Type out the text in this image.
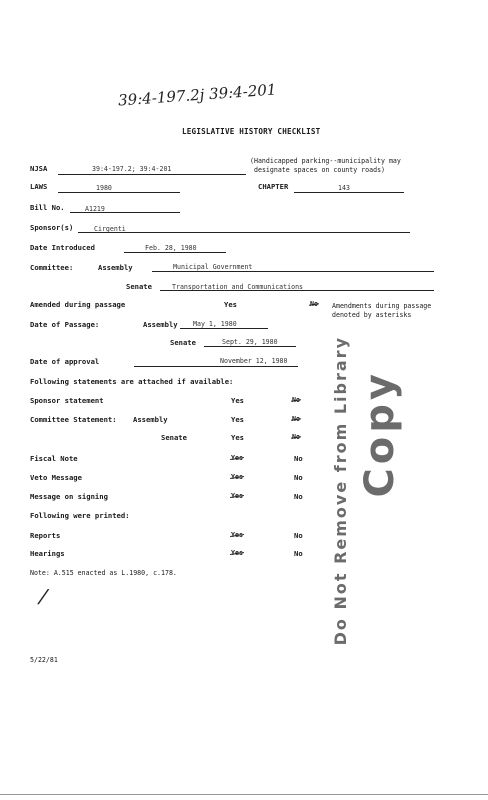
39:4-197.2j 39:4-201
LEGISLATIVE HISTORY CHECKLIST
NJSA	39:4-197.2; 39:4-201
(Handicapped parking--municipality may
designate spaces on county roads)
LAWS	1980	CHAPTER	143
Bill No.	A1219
Sponsor(s)	Cirgenti
Date Introduced	Feb. 28, 1980
Committee:	Assembly	Municipal Government
Senate	Transportation and Communications
Amended during passage	Yes	No Amendments during passage
denoted by asterisks
Date of Passage:	Assembly May 1, 1980
Senate	Sept. 29, 1980
Date of approval	November 12, 1980
Following statements are attached if available:
Sponsor statement	Yes	No
Committee Statement: Assembly	Yes	No
Senate	Yes	No
Fiscal Note	Yes	No
Veto Message	Yes	No
Message on signing	Yes	No
Following were printed:
Reports	Yes	No
Hearings	Yes	No
Note: A.515 enacted as L.1980, c.178.
/
5/22/81
Do Not Remove from Library Copy
